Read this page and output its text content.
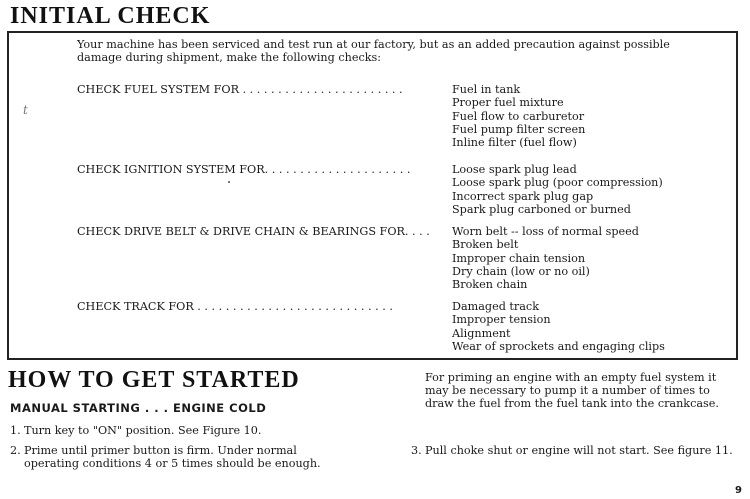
INITIAL CHECK
Your machine has been serviced and test run at our factory, but as an added precaution against possible damage during shipment, make the following checks:
t
CHECK FUEL SYSTEM FOR . . . . . . . . . . . . . . . . . . . . . . .	Fuel in tank
Proper fuel mixture
Fuel flow to carburetor
Fuel pump filter screen
Inline filter (fuel flow)
CHECK IGNITION SYSTEM FOR. . . . . . . . . . . . . . . . . . . . .	Loose spark plug lead
Loose spark plug (poor compression)
Incorrect spark plug gap
Spark plug carboned or burned
CHECK DRIVE BELT & DRIVE CHAIN & BEARINGS FOR. . . . Worn belt -- loss of normal speed
Broken belt
Improper chain tension
Dry chain (low or no oil)
Broken chain
CHECK TRACK FOR . . . . . . . . . . . . . . . . . . . . . . . . . . . .	Damaged track
Improper tension
Alignment
Wear of sprockets and engaging clips
HOW TO GET STARTED
MANUAL STARTING . . . ENGINE COLD
1. Turn key to "ON" position. See Figure 10.
2. Prime until primer button is firm. Under normal operating conditions 4 or 5 times should be enough.
For priming an engine with an empty fuel system it may be necessary to pump it a number of times to draw the fuel from the fuel tank into the crankcase.
3. Pull choke shut or engine will not start. See figure 11.
9
